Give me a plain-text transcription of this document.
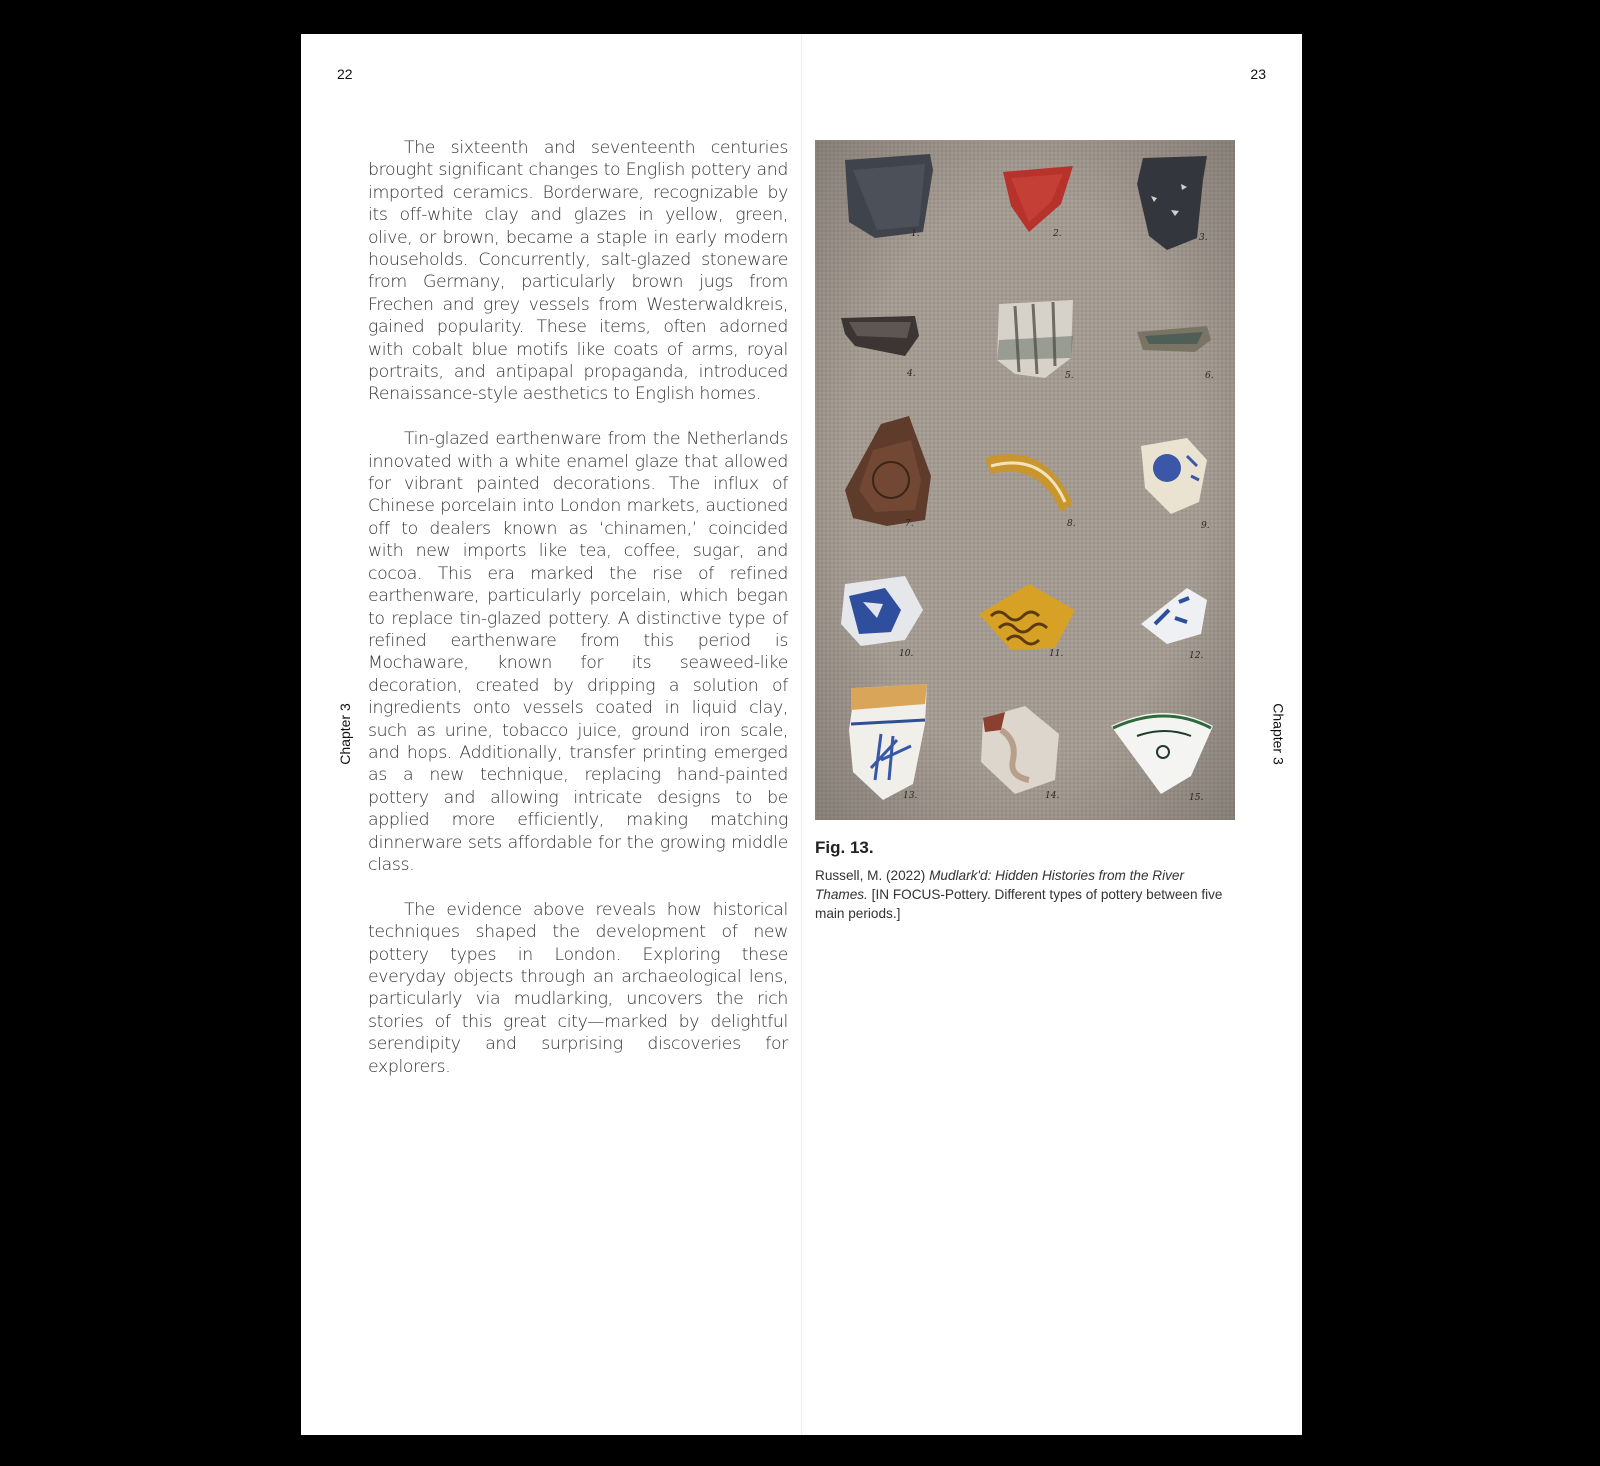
22
Chapter 3

The sixteenth and seventeenth centuries brought significant changes to English pottery and imported ceramics. Borderware, recognizable by its off-white clay and glazes in yellow, green, olive, or brown, became a staple in early modern households. Concurrently, salt-glazed stoneware from Germany, particularly brown jugs from Frechen and grey vessels from Westerwaldkreis, gained popularity. These items, often adorned with cobalt blue motifs like coats of arms, royal portraits, and antipapal propaganda, introduced Renaissance-style aesthetics to English homes.

Tin-glazed earthenware from the Netherlands innovated with a white enamel glaze that allowed for vibrant painted decorations. The influx of Chinese porcelain into London markets, auctioned off to dealers known as ‘chinamen,’ coincided with new imports like tea, coffee, sugar, and cocoa. This era marked the rise of refined earthenware, particularly porcelain, which began to replace tin-glazed pottery. A distinctive type of refined earthenware from this period is Mochaware, known for its seaweed-like decoration, created by dripping a solution of ingredients onto vessels coated in liquid clay, such as urine, tobacco juice, ground iron scale, and hops. Additionally, transfer printing emerged as a new technique, replacing hand-painted pottery and allowing intricate designs to be applied more efficiently, making matching dinnerware sets affordable for the growing middle class.

The evidence above reveals how historical techniques shaped the development of new pottery types in London. Exploring these everyday objects through an archaeological lens, particularly via mudlarking, uncovers the rich stories of this great city—marked by delightful serendipity and surprising discoveries for explorers.

23
Chapter 3
1.	2.	3.
4.	5.	6.
7.	8.	9.
10.	11.	12.
13.	14.	15.
Fig. 13.
Russell, M. (2022) Mudlark'd: Hidden Histories from the River Thames. [IN FOCUS-Pottery. Different types of pottery between five main periods.]
